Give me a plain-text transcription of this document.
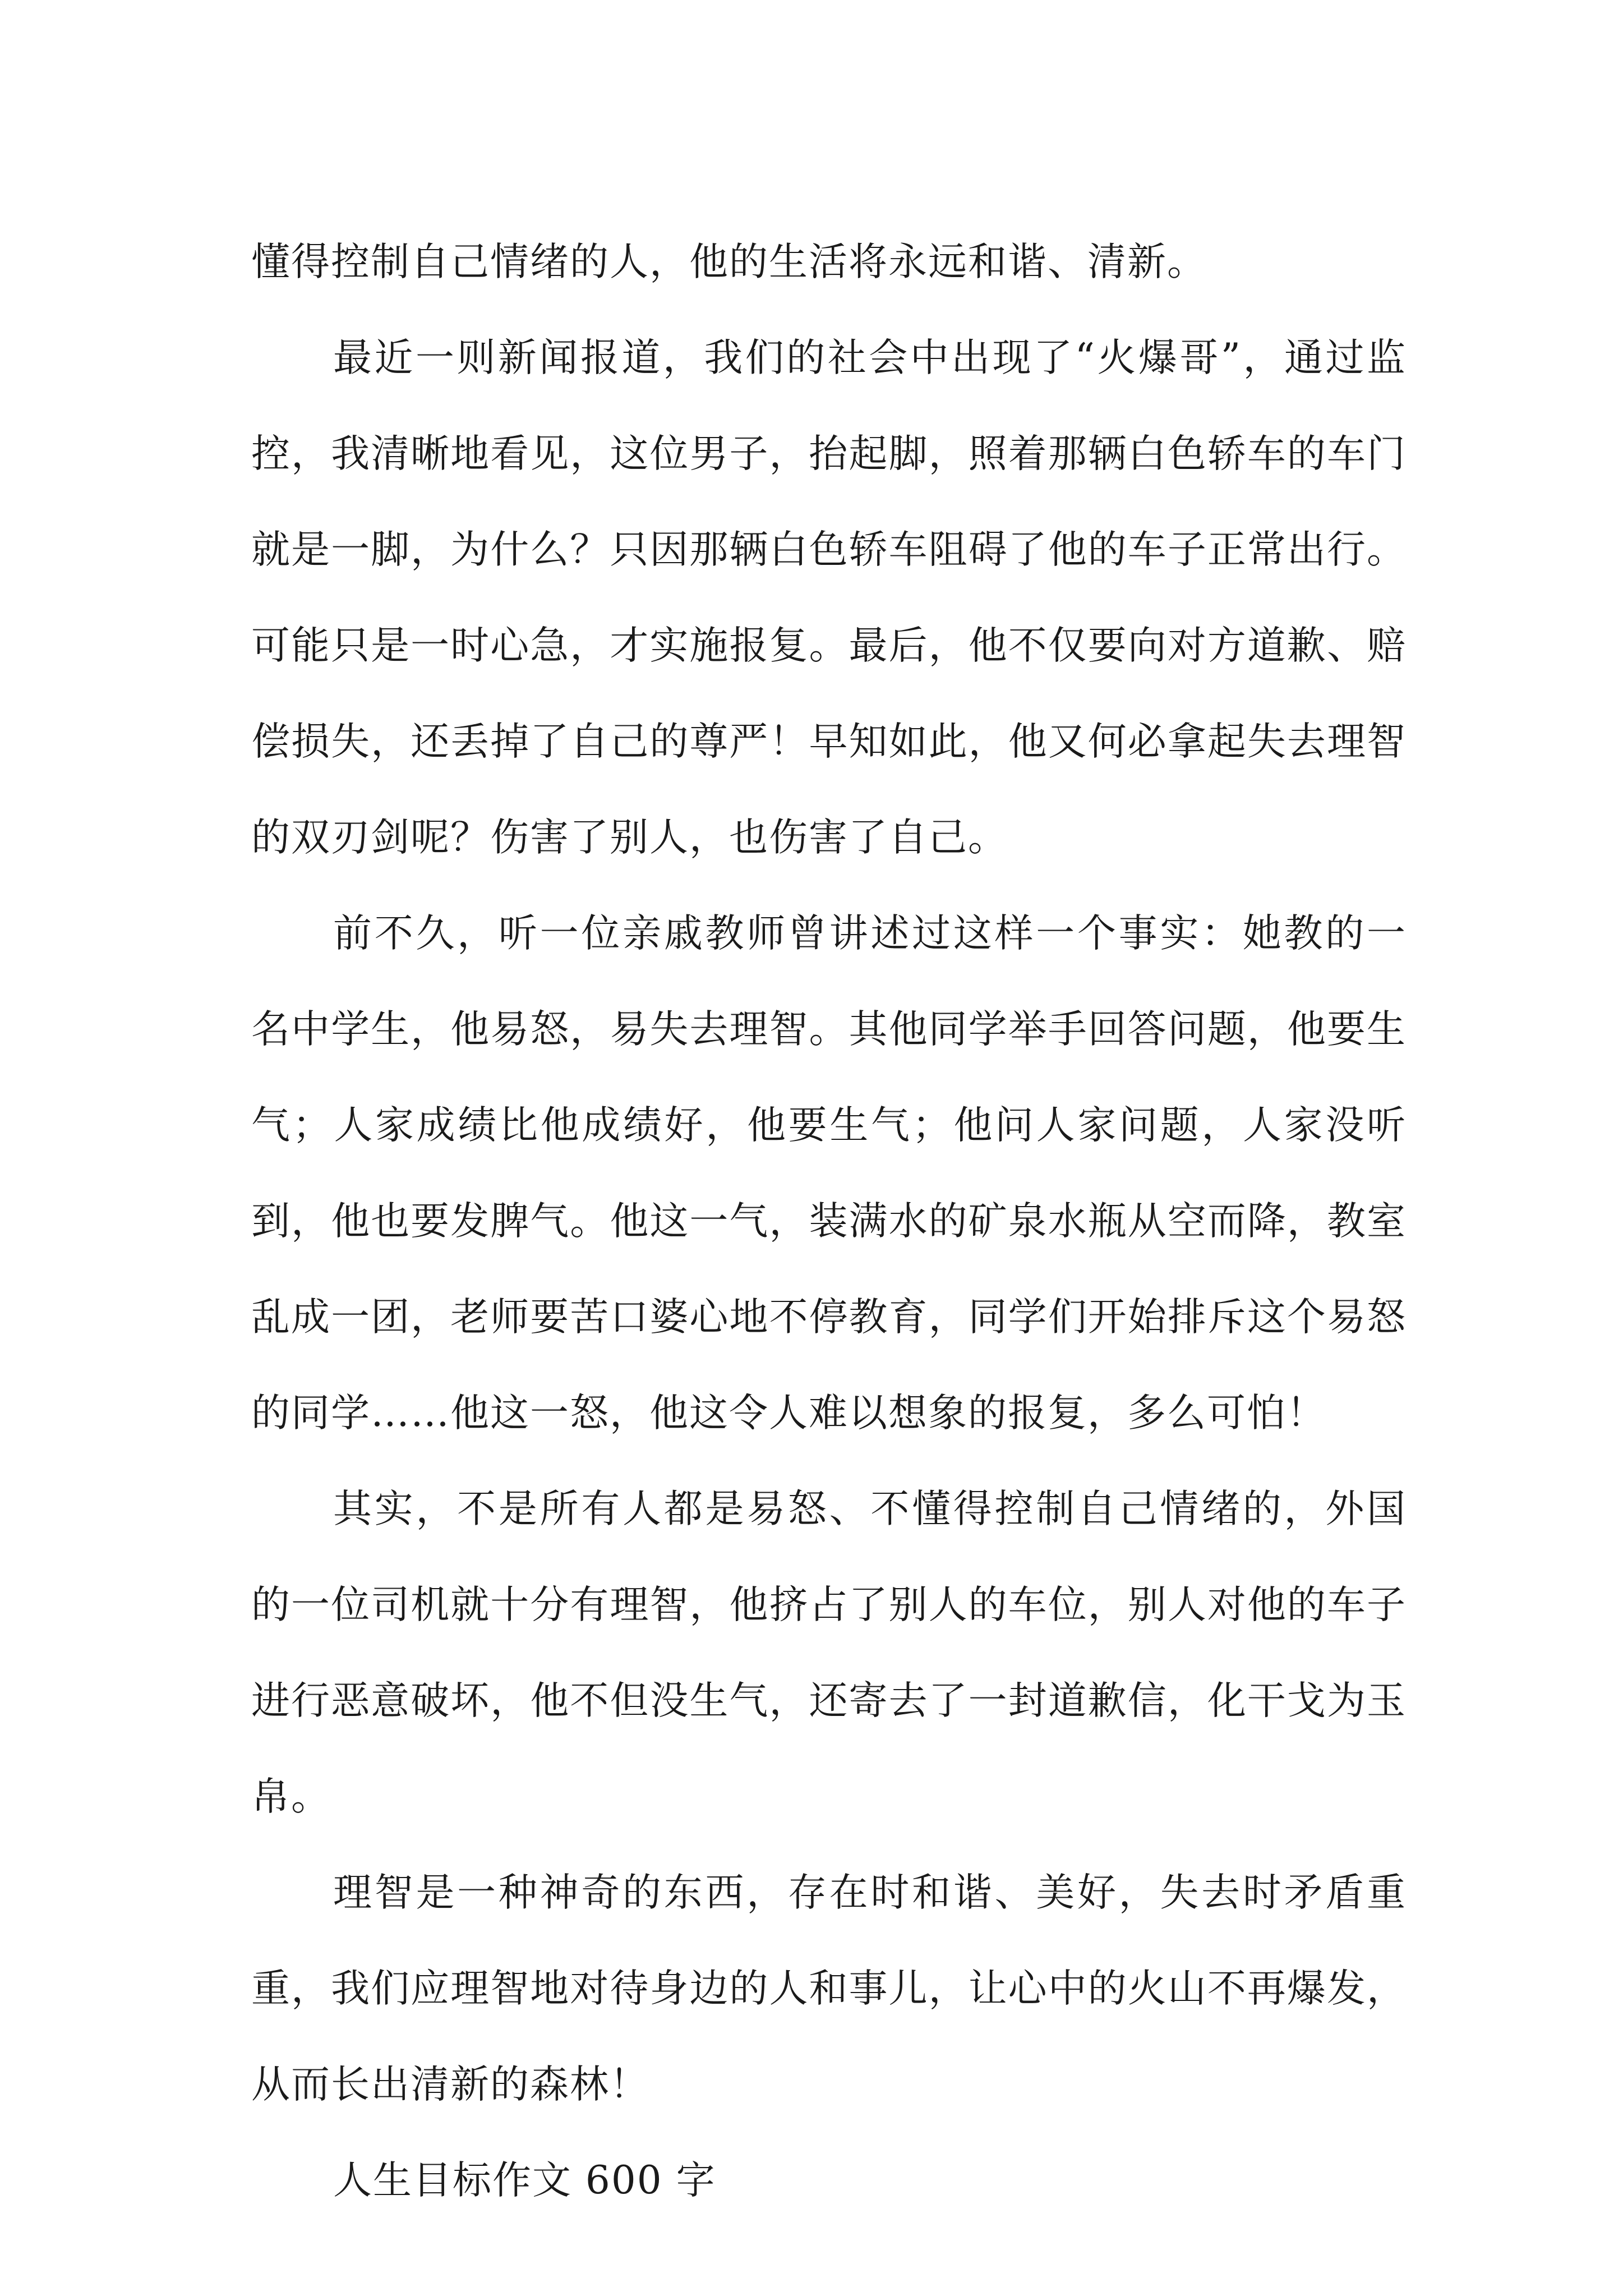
懂得控制自己情绪的人，他的生活将永远和谐、清新。

最近一则新闻报道，我们的社会中出现了“火爆哥”，通过监控，我清晰地看见，这位男子，抬起脚，照着那辆白色轿车的车门就是一脚，为什么？只因那辆白色轿车阻碍了他的车子正常出行。可能只是一时心急，才实施报复。最后，他不仅要向对方道歉、赔偿损失，还丢掉了自己的尊严！早知如此，他又何必拿起失去理智的双刃剑呢？伤害了别人，也伤害了自己。

前不久，听一位亲戚教师曾讲述过这样一个事实：她教的一名中学生，他易怒，易失去理智。其他同学举手回答问题，他要生气；人家成绩比他成绩好，他要生气；他问人家问题，人家没听到，他也要发脾气。他这一气，装满水的矿泉水瓶从空而降，教室乱成一团，老师要苦口婆心地不停教育，同学们开始排斥这个易怒的同学……他这一怒，他这令人难以想象的报复，多么可怕！

其实，不是所有人都是易怒、不懂得控制自己情绪的，外国的一位司机就十分有理智，他挤占了别人的车位，别人对他的车子进行恶意破坏，他不但没生气，还寄去了一封道歉信，化干戈为玉帛。

理智是一种神奇的东西，存在时和谐、美好，失去时矛盾重重，我们应理智地对待身边的人和事儿，让心中的火山不再爆发，从而长出清新的森林！

人生目标作文 600 字
